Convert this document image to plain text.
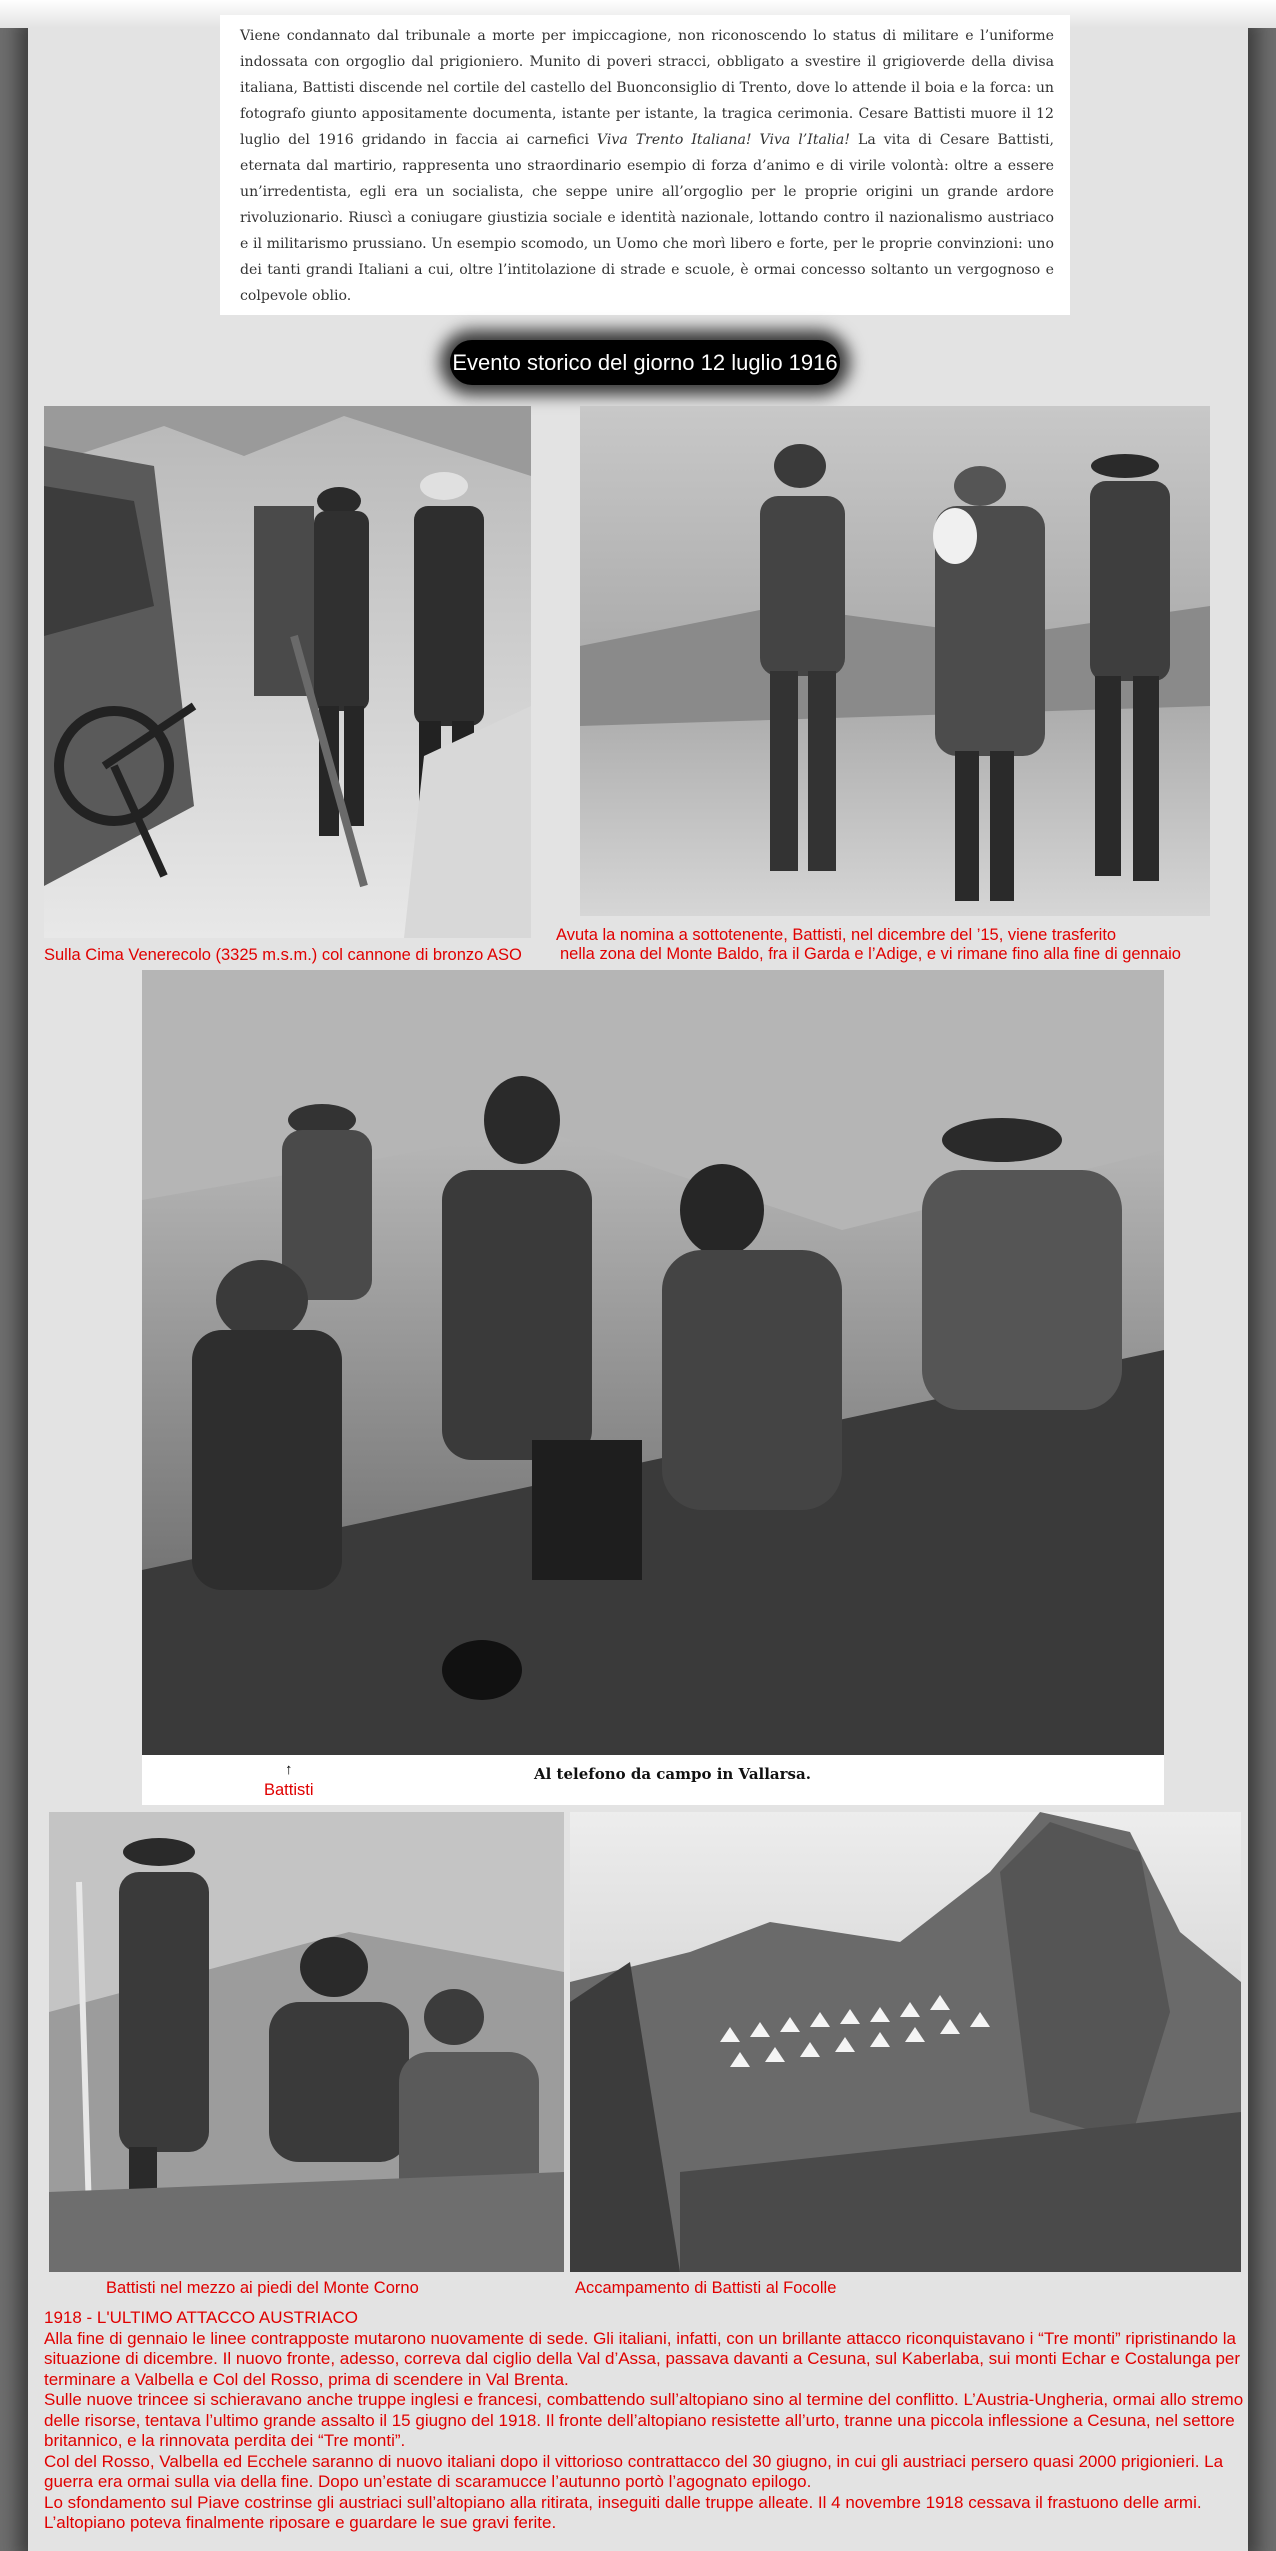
Viene condannato dal tribunale a morte per impiccagione, non riconoscendo lo status di militare e l’uniforme indossata con orgoglio dal prigioniero. Munito di poveri stracci, obbligato a svestire il grigioverde della divisa italiana, Battisti discende nel cortile del castello del Buonconsiglio di Trento, dove lo attende il boia e la forca: un fotografo giunto appositamente documenta, istante per istante, la tragica cerimonia. Cesare Battisti muore il 12 luglio del 1916 gridando in faccia ai carnefici Viva Trento Italiana! Viva l’Italia! La vita di Cesare Battisti, eternata dal martirio, rappresenta uno straordinario esempio di forza d’animo e di virile volontà: oltre a essere un’irredentista, egli era un socialista, che seppe unire all’orgoglio per le proprie origini un grande ardore rivoluzionario. Riuscì a coniugare giustizia sociale e identità nazionale, lottando contro il nazionalismo austriaco e il militarismo prussiano. Un esempio scomodo, un Uomo che morì libero e forte, per le proprie convinzioni: uno dei tanti grandi Italiani a cui, oltre l’intitolazione di strade e scuole, è ormai concesso soltanto un vergognoso e colpevole oblio.
Evento storico del giorno 12 luglio 1916
Sulla Cima Venerecolo (3325 m.s.m.) col cannone di bronzo ASO
Avuta la nomina a sottotenente, Battisti, nel dicembre del ’15, viene trasferito
nella zona del Monte Baldo, fra il Garda e l’Adige, e vi rimane fino alla fine di gennaio
Al telefono da campo in Vallarsa.
↑
Battisti
Battisti nel mezzo ai piedi del Monte Corno	Accampamento di Battisti al Focolle

1918 - L'ULTIMO ATTACCO AUSTRIACO

Alla fine di gennaio le linee contrapposte mutarono nuovamente di sede. Gli italiani, infatti, con un brillante attacco riconquistavano i “Tre monti” ripristinando la situazione di dicembre. Il nuovo fronte, adesso, correva dal ciglio della Val d’Assa, passava davanti a Cesuna, sul Kaberlaba, sui monti Echar e Costalunga per terminare a Valbella e Col del Rosso, prima di scendere in Val Brenta.

Sulle nuove trincee si schieravano anche truppe inglesi e francesi, combattendo sull’altopiano sino al termine del conflitto. L’Austria-Ungheria, ormai allo stremo delle risorse, tentava l’ultimo grande assalto il 15 giugno del 1918. Il fronte dell’altopiano resistette all’urto, tranne una piccola inflessione a Cesuna, nel settore britannico, e la rinnovata perdita dei “Tre monti”.

Col del Rosso, Valbella ed Ecchele saranno di nuovo italiani dopo il vittorioso contrattacco del 30 giugno, in cui gli austriaci persero quasi 2000 prigionieri. La guerra era ormai sulla via della fine. Dopo un’estate di scaramucce l’autunno portò l’agognato epilogo.

Lo sfondamento sul Piave costrinse gli austriaci sull’altopiano alla ritirata, inseguiti dalle truppe alleate. Il 4 novembre 1918 cessava il frastuono delle armi. L’altopiano poteva finalmente riposare e guardare le sue gravi ferite.
